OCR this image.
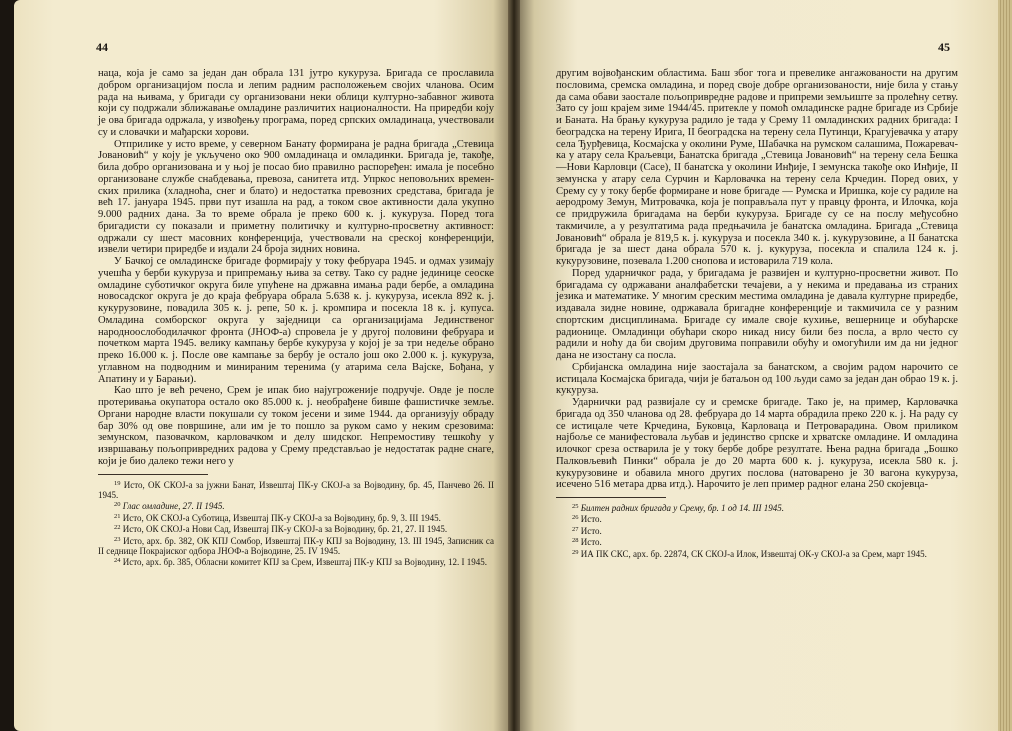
44

наца, која је само за један дан обрала 131 јутро кукуруза. Бригада се прославила добром организацијом посла и лепим радним расположењем својих чланова. Осим рада на њивама, у бригади су организовани неки облици културно-забавног живота који су подржали зближавање омладине различитих националности. На приредби коју је ова бригада одржала, у извођењу програма, поред српских омладинаца, учествовали су и словачки и мађарски хорови.

Отприлике у исто време, у северном Банату формирана је радна бригада „Стевица Јовановић“ у коју је укључено око 900 омладинаца и омладинки. Бригада је, такође, била добро организована и у њој је посао био правилно распоређен: имала је посебно организоване службе снабдевања, превоза, санитета итд. Упркос неповољних временских прилика (хладноћа, снег и блато) и недостатка превозних средстава, бригада је већ 17. јануара 1945. први пут изашла на рад, а током свое активности дала укупно 9.000 радних дана. За то време обрала је преко 600 к. ј. кукуруза. Поред тога бригадисти су показали и приметну политичку и културно-просветну активност: одржали су шест масовних конференција, учествовали на срескoj конференцији, извели четири приредбе и издали 24 броја зидних новина.

У Бачкој се омладинске бригаде формирају у току фебруара 1945. и одмах узимају учешћа у берби кукуруза и припремању њива за сетву. Тако су радне јединице сеоске омладине суботичког округа биле упућене на државна имања ради бербе, а омладина новосадског округа је до краја фебруара обрала 5.638 к. ј. кукуруза, исекла 892 к. ј. кукурузовине, повадила 305 к. ј. репе, 50 к. ј. кромпира и посекла 18 к. ј. купуса. Омладина сомборског округа у заједници са организацијама Јединственог народноослободилачког фронта (ЈНОФ-а) спровела је у другој половини фебруара и почетком марта 1945. велику кампању бербе кукуруза у којој је за три недеље обрано преко 16.000 к. ј. После ове кампање за бербу је остало још око 2.000 к. ј. кукуруза, углавном на подводним и минираним теренима (у атарима села Вајске, Бођана, у Апатину и у Барањи).

Као што је већ речено, Срем је ипак био најугроженије подручје. Овде је после протеривања окупатора остало око 85.000 к. ј. необрађене бивше фашистичке земље. Органи народне власти покушали су током јесени и зиме 1944. да организују обраду бар 30% од ове површине, али им је то пошло за руком само у неким срезовима: земунском, пазовачком, карловачком и делу шидског. Непремостиву тешкоћу у извршавању пољопривредних радова у Срему представљао је недостатак радне снаге, који је био далеко тежи него у

$^{19}$ Исто, ОК СКОЈ-а за јужни Банат, Извештај ПК-у СКОЈ-а за Војводину, бр. 45, Панчево 26. II 1945.

$^{20}$ Глас омладине, 27. II 1945.

$^{21}$ Исто, ОК СКОЈ-а Суботица, Извештај ПК-у СКОЈ-а за Војводину, бр. 9, 3. III 1945.

$^{22}$ Исто, ОК СКОЈ-а Нови Сад, Извештај ПК-у СКОЈ-а за Војводину, бр. 21, 27. II 1945.

$^{23}$ Исто, арх. бр. 382, ОК КПЈ Сомбор, Извештај ПК-у КПЈ за Војводину, 13. III 1945, Записник са II седнице Покрајиског одбора ЈНОФ-а Војводине, 25. IV 1945.

$^{24}$ Исто, арх. бр. 385, Обласни комитет КПЈ за Срем, Извештај ПК-у КПЈ за Војводину, 12. I 1945.

45

другим војвођанским областима. Баш због тога и превелике ангажованости на другим пословима, сремска омладина, и поред своје добре организованости, није била у стању да сама обави заостале пољопривредне радове и припреми земљиште за пролећну сетву. Зато су још крајем зиме 1944/45. притекле у помоћ омладинске радне бригаде из Србије и Баната. На брању кукуруза радило је тада у Срему 11 омладинских радних бригада: I београдска на терену Ирига, II београдска на терену села Путинци, Крагујевачка у атару села Ђурђевица, Космајска у околини Руме, Шабачка на румском салашима, Пожаревачка у атару села Краљевци, Банатска бригада „Стевица Јовановић“ на терену села Бешка—Нови Карловци (Сасе), II банатска у околини Инђије, I земунска такође око Инђије, II земунска у атару села Сурчин и Карловачка на терену села Крчедин. Поред ових, у Срему су у току бербе формиране и нове бригаде — Румска и Иришка, које су радиле на аеродрому Земун, Митровачка, која је поправљала пут у правцу фронта, и Илочка, која се придружила бригадама на берби кукуруза. Бригаде су се на послу међусобно такмичиле, а у резултатима рада предњачила је банатска омладина. Бригада „Стевица Јовановић“ обрала је 819,5 к. ј. кукуруза и посекла 340 к. ј. кукурузовине, а II банатска бригада је за шест дана обрала 570 к. ј. кукуруза, посекла и спалила 124 к. ј. кукурузовине, позевала 1.200 снопова и истоварила 719 кола.

Поред ударничког рада, у бригадама је развијен и културно-просветни живот. По бригадама су одржавани аналфабетски течајеви, а у некима и предавања из страних језика и математике. У многим среским местима омладина је давала културне приредбе, издавала зидне новине, одржавала бригадне конференције и такмичила се у разним спортским дисциплинама. Бригаде су имале своје кухиње, вешернице и обућарске радионице. Омладинци обућари скоро никад нису били без посла, а врло често су радили и ноћу да би својим друговима поправили обућу и омогућили им да ни једног дана не изостану са посла.

Србијанска омладина није заостајала за банатском, а својим радом нарочито се истицала Космајска бригада, чији је батаљон од 100 људи само за један дан обрао 19 к. ј. кукуруза.

Ударнички рад развијале су и сремске бригаде. Тако је, на пример, Карловачка бригада од 350 чланова од 28. фебруара до 14 марта обрадила преко 220 к. ј. На раду су се истицале чете Крчедина, Буковца, Карловаца и Петроварадина. Овом приликом најбоље се манифестовала љубав и јединство српске и хрватске омладине. И омладина илочког среза остварила је у току бербе добре резултате. Њена радна бригада „Бошко Палковљевић Пинки“ обрала је до 20 марта 600 к. ј. кукуруза, исекла 580 к. ј. кукурузовине и обавила много других послова (натоварено је 30 вагона кукуруза, исечено 516 метара дрва итд.). Нарочито је леп пример радног елана 250 скојевца-

$^{25}$ Билтен радних бригада у Срему, бр. 1 од 14. III 1945.

$^{26}$ Исто.

$^{27}$ Исто.

$^{28}$ Исто.

$^{29}$ ИА ПК СКС, арх. бр. 22874, СК СКОЈ-а Илок, Извештај ОК-у СКОЈ-а за Срем, март 1945.
